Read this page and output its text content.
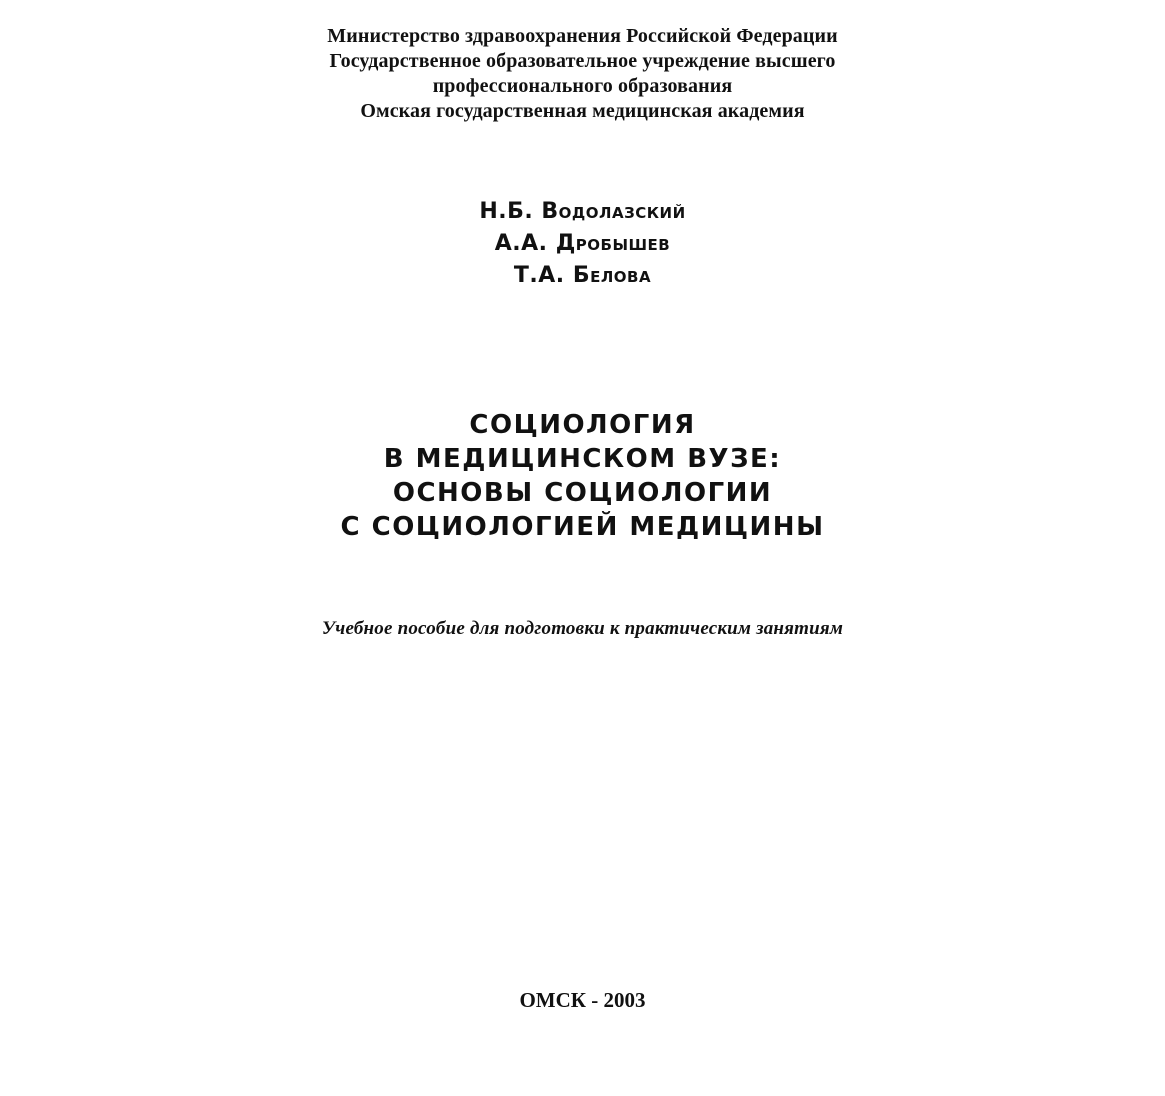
Министерство здравоохранения Российской Федерации
Государственное образовательное учреждение высшего
профессионального образования
Омская государственная медицинская академия
Н.Б. Водолазский
А.А. Дробышев
Т.А. Белова
СОЦИОЛОГИЯ
В МЕДИЦИНСКОМ ВУЗЕ:
ОСНОВЫ СОЦИОЛОГИИ
С СОЦИОЛОГИЕЙ МЕДИЦИНЫ
Учебное пособие для подготовки к практическим занятиям
ОМСК - 2003
